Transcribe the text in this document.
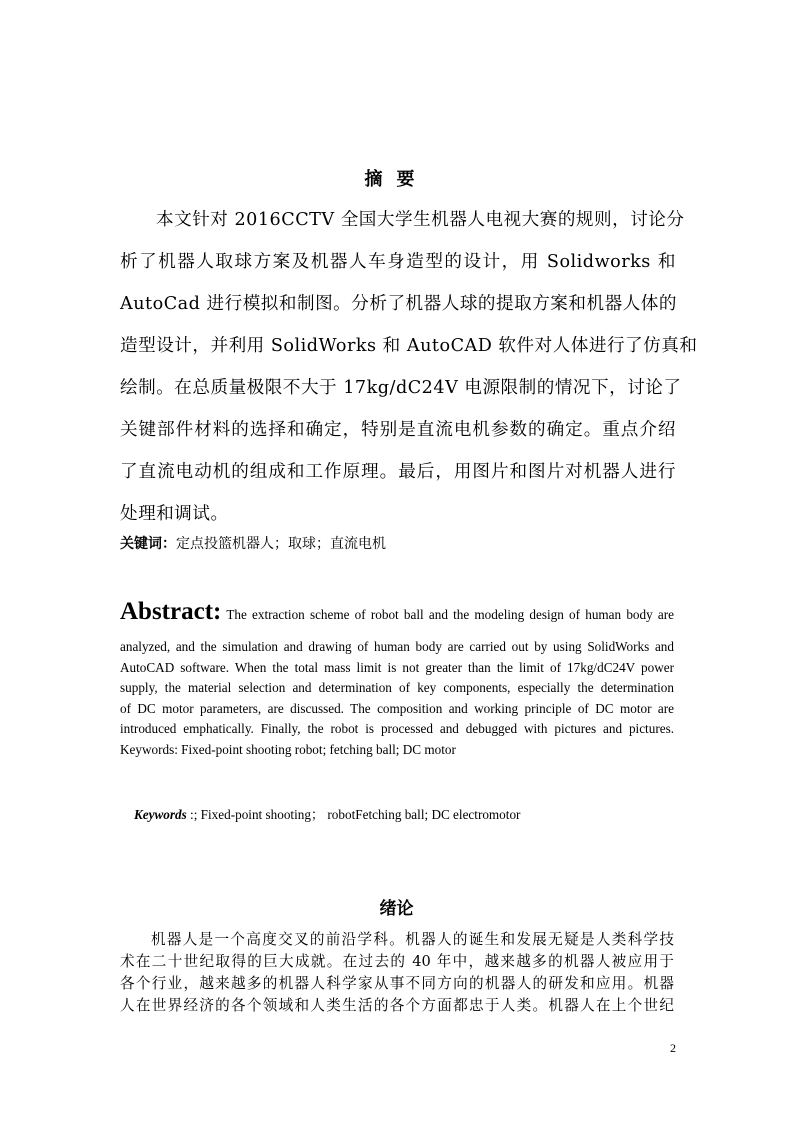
摘要
本文针对 2016CCTV 全国大学生机器人电视大赛的规则，讨论分
析了机器人取球方案及机器人车身造型的设计，用 Solidworks 和
AutoCad 进行模拟和制图。分析了机器人球的提取方案和机器人体的
造型设计，并利用 SolidWorks 和 AutoCAD 软件对人体进行了仿真和
绘制。在总质量极限不大于 17kg/dC24V 电源限制的情况下，讨论了
关键部件材料的选择和确定，特别是直流电机参数的确定。重点介绍
了直流电动机的组成和工作原理。最后，用图片和图片对机器人进行
处理和调试。
关键词：定点投篮机器人；取球；直流电机
Abstract: The extraction scheme of robot ball and the modeling design of human body are
analyzed, and the simulation and drawing of human body are carried out by using SolidWorks and
AutoCAD software. When the total mass limit is not greater than the limit of 17kg/dC24V power
supply, the material selection and determination of key components, especially the determination
of DC motor parameters, are discussed. The composition and working principle of DC motor are
introduced emphatically. Finally, the robot is processed and debugged with pictures and pictures.
Keywords: Fixed-point shooting robot; fetching ball; DC motor
Keywords :; Fixed-point shooting； robotFetching ball; DC electromotor
绪论
机器人是一个高度交叉的前沿学科。机器人的诞生和发展无疑是人类科学技
术在二十世纪取得的巨大成就。在过去的 40 年中，越来越多的机器人被应用于
各个行业，越来越多的机器人科学家从事不同方向的机器人的研发和应用。机器
人在世界经济的各个领域和人类生活的各个方面都忠于人类。机器人在上个世纪
2
